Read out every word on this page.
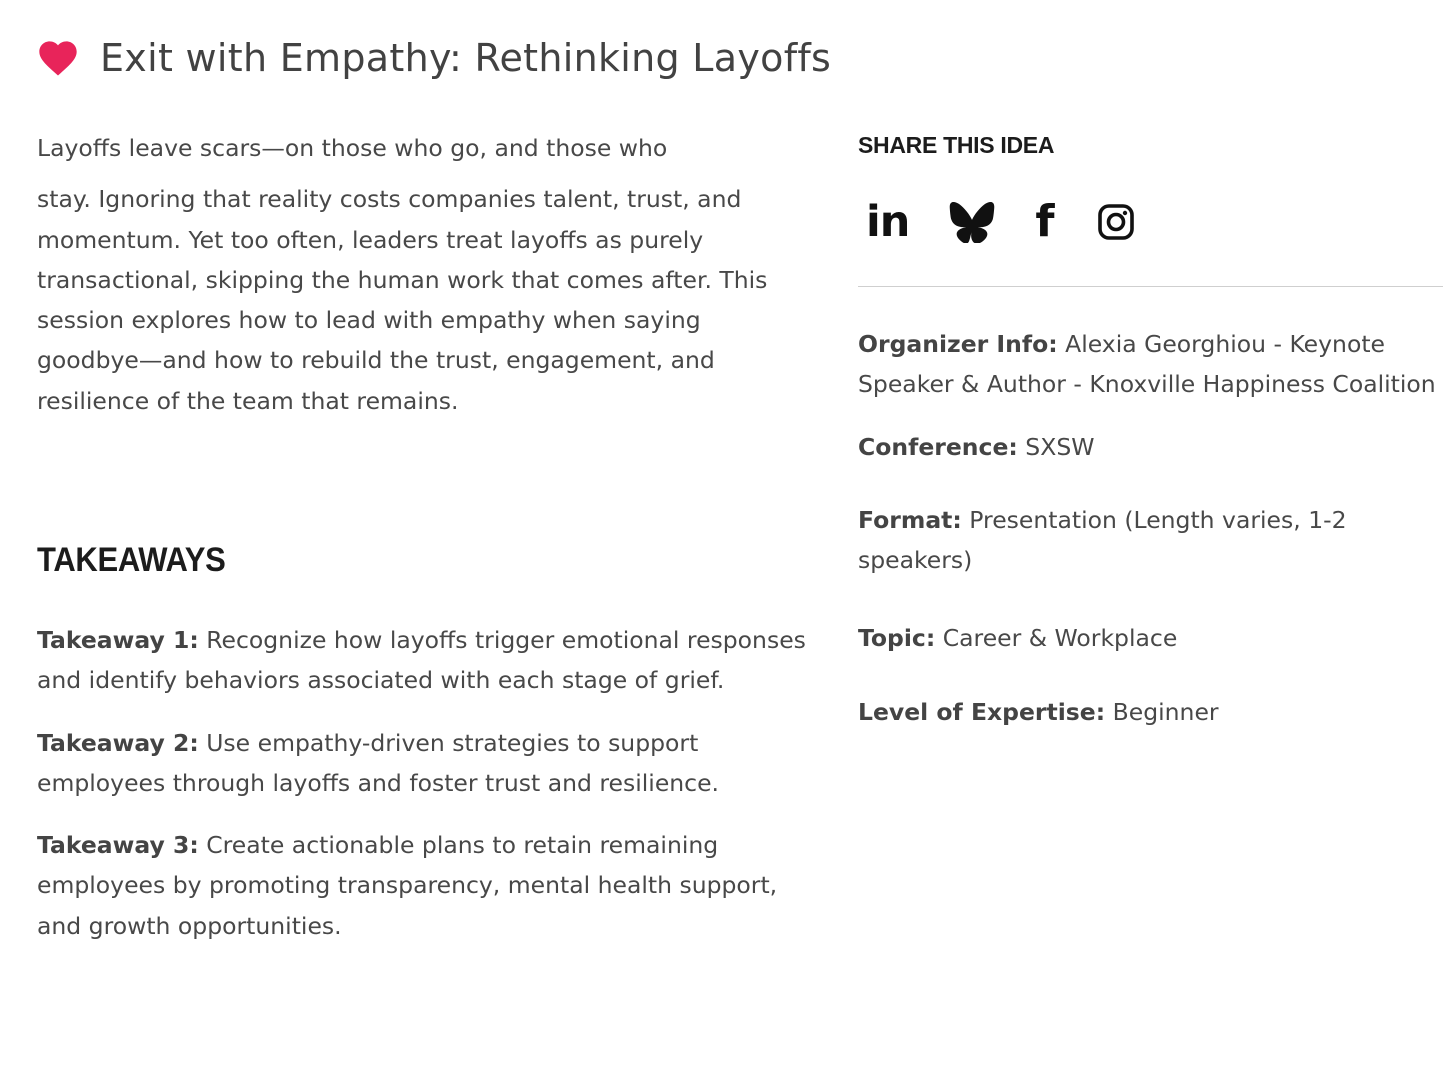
Exit with Empathy: Rethinking Layoffs

Layoffs leave scars—on those who go, and those who

stay. Ignoring that reality costs companies talent, trust, and momentum. Yet too often, leaders treat layoffs as purely transactional, skipping the human work that comes after. This session explores how to lead with empathy when saying goodbye—and how to rebuild the trust, engagement, and resilience of the team that remains.

TAKEAWAYS

Takeaway 1: Recognize how layoffs trigger emotional responses and identify behaviors associated with each stage of grief.

Takeaway 2: Use empathy-driven strategies to support employees through layoffs and foster trust and resilience.

Takeaway 3: Create actionable plans to retain remaining employees by promoting transparency, mental health support, and growth opportunities.

SHARE THIS IDEA
in	f

Organizer Info: Alexia Georghiou - Keynote Speaker & Author - Knoxville Happiness Coalition

Conference: SXSW

Format: Presentation (Length varies, 1-2 speakers)

Topic: Career & Workplace

Level of Expertise: Beginner
